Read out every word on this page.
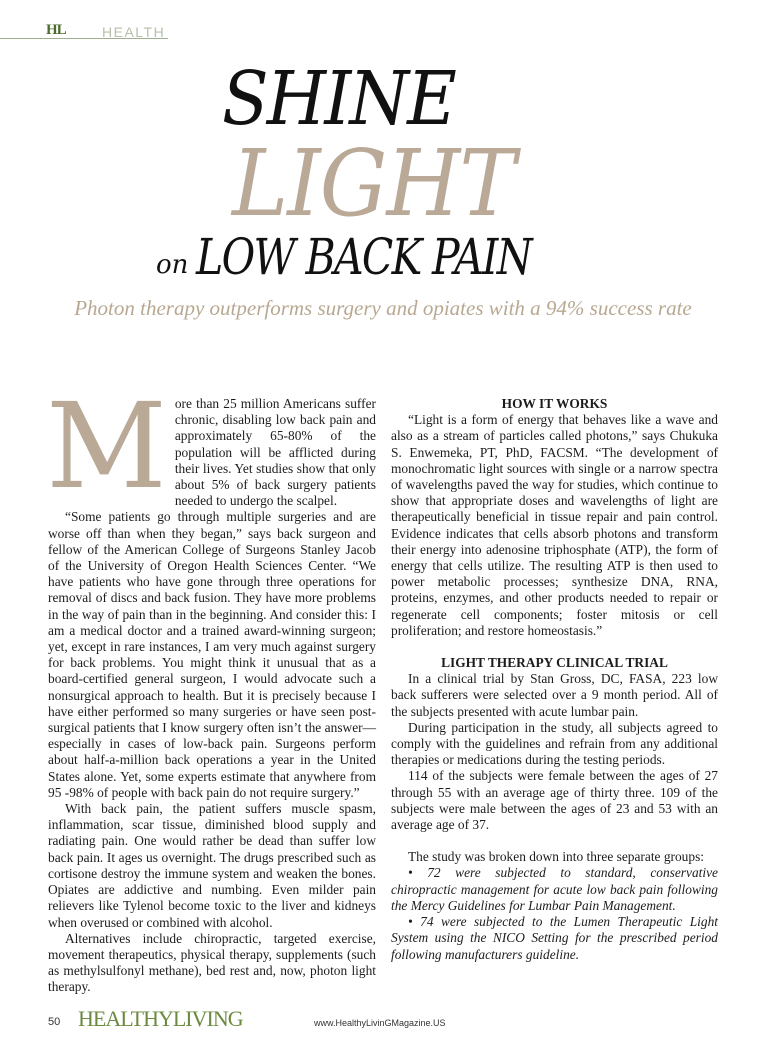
HL	HEALTH
SHINE
LIGHT
on LOW BACK PAIN
Photon therapy outperforms surgery and opiates with a 94% success rate
M ore than 25 million Americans suffer chronic, disabling low back pain and approximately 65-80% of the population will be afflicted during their lives. Yet studies show that only about 5% of back surgery patients needed to undergo the scalpel.

“Some patients go through multiple surgeries and are worse off than when they began,” says back surgeon and fellow of the American College of Surgeons Stanley Jacob of the University of Oregon Health Sciences Center. “We have patients who have gone through three operations for removal of discs and back fusion. They have more problems in the way of pain than in the beginning. And consider this: I am a medical doctor and a trained award-winning surgeon; yet, except in rare instances, I am very much against surgery for back problems. You might think it unusual that as a board-certified general surgeon, I would advocate such a nonsurgical approach to health. But it is precisely because I have either performed so many surgeries or have seen post-surgical patients that I know surgery often isn’t the answer—especially in cases of low-back pain. Surgeons perform about half-a-million back operations a year in the United States alone. Yet, some experts estimate that anywhere from 95 -98% of people with back pain do not require surgery.”

With back pain, the patient suffers muscle spasm, inflammation, scar tissue, diminished blood supply and radiating pain. One would rather be dead than suffer low back pain. It ages us overnight. The drugs prescribed such as cortisone destroy the immune system and weaken the bones. Opiates are addictive and numbing. Even milder pain relievers like Tylenol become toxic to the liver and kidneys when overused or combined with alcohol.

Alternatives include chiropractic, targeted exercise, movement therapeutics, physical therapy, supplements (such as methylsulfonyl methane), bed rest and, now, photon light therapy.

HOW IT WORKS

“Light is a form of energy that behaves like a wave and also as a stream of particles called photons,” says Chukuka S. Enwemeka, PT, PhD, FACSM. “The development of monochromatic light sources with single or a narrow spectra of wavelengths paved the way for studies, which continue to show that appropriate doses and wavelengths of light are therapeutically beneficial in tissue repair and pain control. Evidence indicates that cells absorb photons and transform their energy into adenosine triphosphate (ATP), the form of energy that cells utilize. The resulting ATP is then used to power metabolic processes; synthesize DNA, RNA, proteins, enzymes, and other products needed to repair or regenerate cell components; foster mitosis or cell proliferation; and restore homeostasis.”

LIGHT THERAPY CLINICAL TRIAL

In a clinical trial by Stan Gross, DC, FASA, 223 low back sufferers were selected over a 9 month period. All of the subjects presented with acute lumbar pain.

During participation in the study, all subjects agreed to comply with the guidelines and refrain from any additional therapies or medications during the testing periods.

114 of the subjects were female between the ages of 27 through 55 with an average age of thirty three. 109 of the subjects were male between the ages of 23 and 53 with an average age of 37.

The study was broken down into three separate groups:

• 72 were subjected to standard, conservative chiropractic management for acute low back pain following the Mercy Guidelines for Lumbar Pain Management.

• 74 were subjected to the Lumen Therapeutic Light System using the NICO Setting for the prescribed period following manufacturers guideline.

50 HEALTHYLIVING	www.HealthyLivinGMagazine.US
